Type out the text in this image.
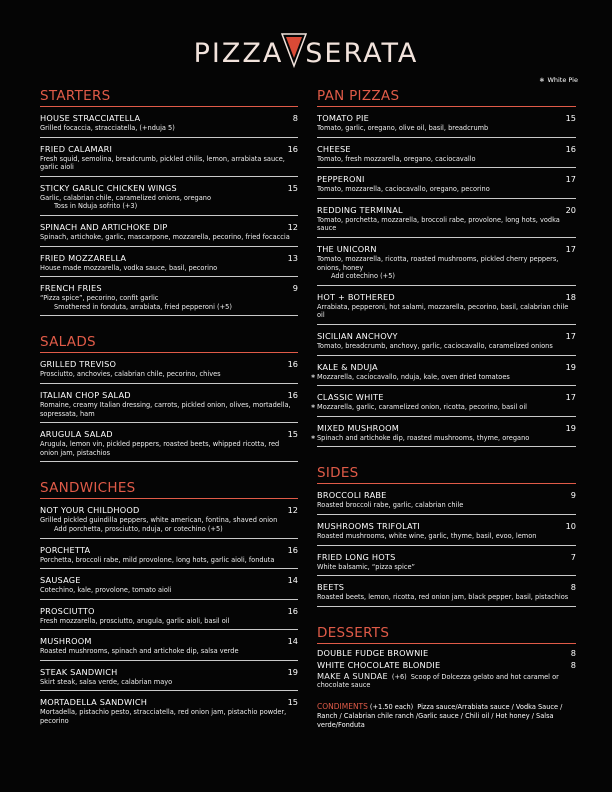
PIZZA SERATA
✱ White Pie
STARTERS
HOUSE STRACCIATELLA	8
Grilled focaccia, stracciatella, (+nduja 5)
FRIED CALAMARI	16
Fresh squid, semolina, breadcrumb, pickled chilis, lemon, arrabiata sauce, garlic aioli
STICKY GARLIC CHICKEN WINGS	15
Garlic, calabrian chile, caramelized onions, oregano
Toss in Nduja sofrito (+3)
SPINACH AND ARTICHOKE DIP	12
Spinach, artichoke, garlic, mascarpone, mozzarella, pecorino, fried focaccia
FRIED MOZZARELLA	13
House made mozzarella, vodka sauce, basil, pecorino
FRENCH FRIES	9
“Pizza spice”, pecorino, confit garlic
Smothered in fonduta, arrabiata, fried pepperoni (+5)
SALADS
GRILLED TREVISO	16
Prosciutto, anchovies, calabrian chile, pecorino, chives
ITALIAN CHOP SALAD	16
Romaine, creamy Italian dressing, carrots, pickled onion, olives, mortadella, sopressata, ham
ARUGULA SALAD	15
Arugula, lemon vin, pickled peppers, roasted beets, whipped ricotta, red onion jam, pistachios
SANDWICHES
NOT YOUR CHILDHOOD	12
Grilled pickled guindilla peppers, white american, fontina, shaved onion
Add porchetta, prosciutto, nduja, or cotechino (+5)
PORCHETTA	16
Porchetta, broccoli rabe, mild provolone, long hots, garlic aioli, fonduta
SAUSAGE	14
Cotechino, kale, provolone, tomato aioli
PROSCIUTTO	16
Fresh mozzarella, prosciutto, arugula, garlic aioli, basil oil
MUSHROOM	14
Roasted mushrooms, spinach and artichoke dip, salsa verde
STEAK SANDWICH	19
Skirt steak, salsa verde, calabrian mayo
MORTADELLA SANDWICH	15
Mortadella, pistachio pesto, stracciatella, red onion jam, pistachio powder, pecorino
PAN PIZZAS
TOMATO PIE	15
Tomato, garlic, oregano, olive oil, basil, breadcrumb
CHEESE	16
Tomato, fresh mozzarella, oregano, caciocavallo
PEPPERONI	17
Tomato, mozzarella, caciocavallo, oregano, pecorino
REDDING TERMINAL	20
Tomato, porchetta, mozzarella, broccoli rabe, provolone, long hots, vodka sauce
THE UNICORN	17
Tomato, mozzarella, ricotta, roasted mushrooms, pickled cherry peppers, onions, honey
Add cotechino (+5)
HOT + BOTHERED	18
Arrabiata, pepperoni, hot salami, mozzarella, pecorino, basil, calabrian chile oil
SICILIAN ANCHOVY	17
Tomato, breadcrumb, anchovy, garlic, caciocavallo, caramelized onions
✱
KALE & NDUJA	19
Mozzarella, caciocavallo, nduja, kale, oven dried tomatoes
✱
CLASSIC WHITE	17
Mozzarella, garlic, caramelized onion, ricotta, pecorino, basil oil
✱
MIXED MUSHROOM	19
Spinach and artichoke dip, roasted mushrooms, thyme, oregano
SIDES
BROCCOLI RABE	9
Roasted broccoli rabe, garlic, calabrian chile
MUSHROOMS TRIFOLATI	10
Roasted mushrooms, white wine, garlic, thyme, basil, evoo, lemon
FRIED LONG HOTS	7
White balsamic, “pizza spice”
BEETS	8
Roasted beets, lemon, ricotta, red onion jam, black pepper, basil, pistachios
DESSERTS
DOUBLE FUDGE BROWNIE	8
WHITE CHOCOLATE BLONDIE	8
MAKE A SUNDAE (+6) Scoop of Dolcezza gelato and hot caramel or chocolate sauce
CONDIMENTS (+1.50 each) Pizza sauce/Arrabiata sauce / Vodka Sauce / Ranch / Calabrian chile ranch /Garlic sauce / Chili oil / Hot honey / Salsa verde/Fonduta
